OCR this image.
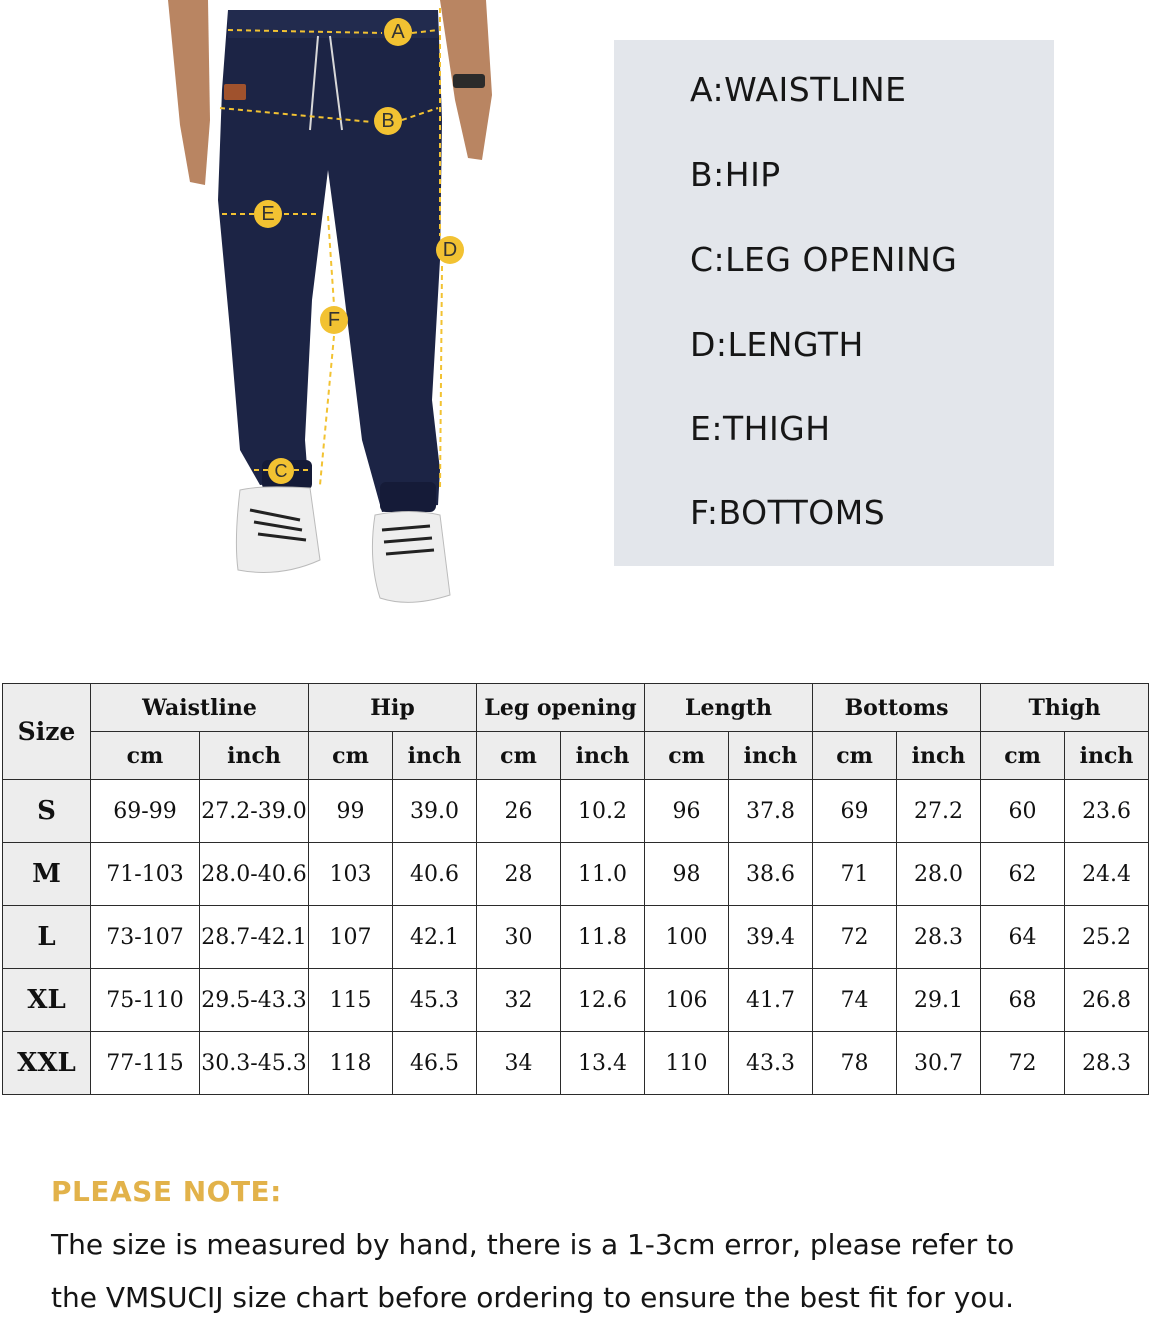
A
B
C
D
E
F
A:WAISTLINE
B:HIP
C:LEG OPENING
D:LENGTH
E:THIGH
F:BOTTOMS
Size	Waistline		Hip		Leg opening		Length		Bottoms		Thigh	
	cm	inch	cm	inch	cm	inch	cm	inch	cm	inch	cm	inch
S	69-99	27.2-39.0	99	39.0	26	10.2	96	37.8	69	27.2	60	23.6
M	71-103	28.0-40.6	103	40.6	28	11.0	98	38.6	71	28.0	62	24.4
L	73-107	28.7-42.1	107	42.1	30	11.8	100	39.4	72	28.3	64	25.2
XL	75-110	29.5-43.3	115	45.3	32	12.6	106	41.7	74	29.1	68	26.8
XXL	77-115	30.3-45.3	118	46.5	34	13.4	110	43.3	78	30.7	72	28.3
PLEASE NOTE:
The size is measured by hand, there is a 1-3cm error, please refer to
the VMSUCIJ size chart before ordering to ensure the best fit for you.
